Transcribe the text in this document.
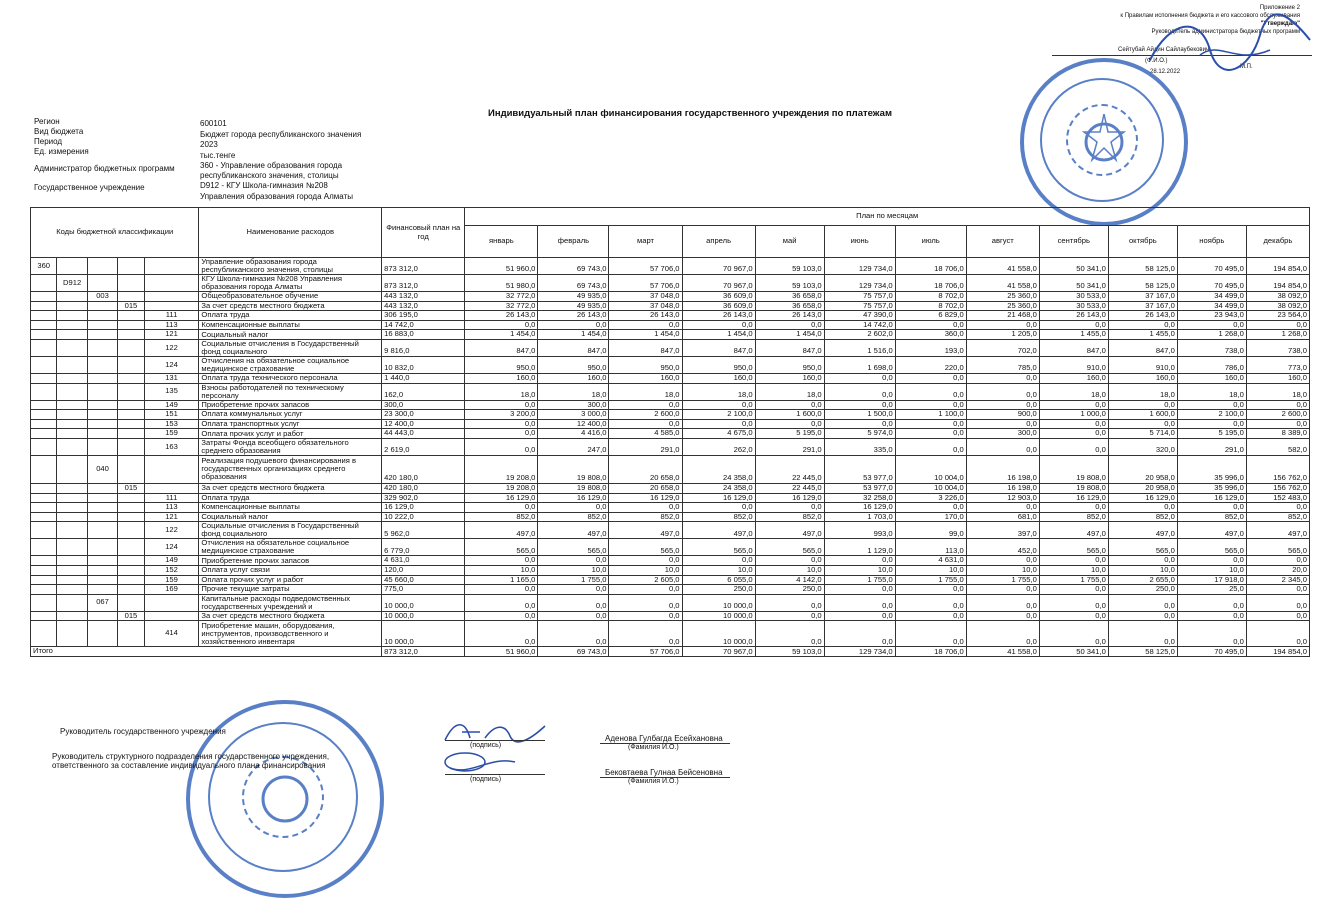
Приложение 2
к Правилам исполнения бюджета и его кассового обслуживания
"Утверждаю"
Руководитель администратора бюджетных программ
Сейтубай Айдин Сайлаубекович
(Ф.И.О.)
М.П.
28.12.2022
Индивидуальный план финансирования государственного учреждения по платежам
Регион	600101
Вид бюджета	Бюджет города республиканского значения
Период	2023
Ед. измерения	тыс.тенге
Администратор бюджетных программ	360 - Управление образования города
республиканского значения, столицы
Государственное учреждение	D912 - КГУ Школа-гимназия №208
Управления образования города Алматы
Коды бюджетной классификации					Наименование расходов	Финансовый план на год	План по месяцам											
							январь	февраль	март	апрель	май	июнь	июль	август	сентябрь	октябрь	ноябрь	декабрь
360					Управление образования города республиканского значения, столицы	873 312,0	51 960,0	69 743,0	57 706,0	70 967,0	59 103,0	129 734,0	18 706,0	41 558,0	50 341,0	58 125,0	70 495,0	194 854,0
	D912				КГУ Школа-гимназия №208 Управления образования города Алматы	873 312,0	51 980,0	69 743,0	57 706,0	70 967,0	59 103,0	129 734,0	18 706,0	41 558,0	50 341,0	58 125,0	70 495,0	194 854,0
		003			Общеобразовательное обучение	443 132,0	32 772,0	49 935,0	37 048,0	36 609,0	36 658,0	75 757,0	8 702,0	25 360,0	30 533,0	37 167,0	34 499,0	38 092,0
			015		За счет средств местного бюджета	443 132,0	32 772,0	49 935,0	37 048,0	36 609,0	36 658,0	75 757,0	8 702,0	25 360,0	30 533,0	37 167,0	34 499,0	38 092,0
				111	Оплата труда	306 195,0	26 143,0	26 143,0	26 143,0	26 143,0	26 143,0	47 390,0	6 829,0	21 468,0	26 143,0	26 143,0	23 943,0	23 564,0
				113	Компенсационные выплаты	14 742,0	0,0	0,0	0,0	0,0	0,0	14 742,0	0,0	0,0	0,0	0,0	0,0	0,0
				121	Социальный налог	16 883,0	1 454,0	1 454,0	1 454,0	1 454,0	1 454,0	2 602,0	360,0	1 205,0	1 455,0	1 455,0	1 268,0	1 268,0
				122	Социальные отчисления в Государственный фонд социального	9 816,0	847,0	847,0	847,0	847,0	847,0	1 516,0	193,0	702,0	847,0	847,0	738,0	738,0
				124	Отчисления на обязательное социальное медицинское страхование	10 832,0	950,0	950,0	950,0	950,0	950,0	1 698,0	220,0	785,0	910,0	910,0	786,0	773,0
				131	Оплата труда технического персонала	1 440,0	160,0	160,0	160,0	160,0	160,0	0,0	0,0	0,0	160,0	160,0	160,0	160,0
				135	Взносы работодателей по техническому персоналу	162,0	18,0	18,0	18,0	18,0	18,0	0,0	0,0	0,0	18,0	18,0	18,0	18,0
				149	Приобретение прочих запасов	300,0	0,0	300,0	0,0	0,0	0,0	0,0	0,0	0,0	0,0	0,0	0,0	0,0
				151	Оплата коммунальных услуг	23 300,0	3 200,0	3 000,0	2 600,0	2 100,0	1 600,0	1 500,0	1 100,0	900,0	1 000,0	1 600,0	2 100,0	2 600,0
				153	Оплата транспортных услуг	12 400,0	0,0	12 400,0	0,0	0,0	0,0	0,0	0,0	0,0	0,0	0,0	0,0	0,0
				159	Оплата прочих услуг и работ	44 443,0	0,0	4 416,0	4 585,0	4 675,0	5 195,0	5 974,0	0,0	300,0	0,0	5 714,0	5 195,0	8 389,0
				163	Затраты Фонда всеобщего обязательного среднего образования	2 619,0	0,0	247,0	291,0	262,0	291,0	335,0	0,0	0,0	0,0	320,0	291,0	582,0
		040			Реализация подушевого финансирования в государственных организациях среднего образования	420 180,0	19 208,0	19 808,0	20 658,0	24 358,0	22 445,0	53 977,0	10 004,0	16 198,0	19 808,0	20 958,0	35 996,0	156 762,0
			015		За счет средств местного бюджета	420 180,0	19 208,0	19 808,0	20 658,0	24 358,0	22 445,0	53 977,0	10 004,0	16 198,0	19 808,0	20 958,0	35 996,0	156 762,0
				111	Оплата труда	329 902,0	16 129,0	16 129,0	16 129,0	16 129,0	16 129,0	32 258,0	3 226,0	12 903,0	16 129,0	16 129,0	16 129,0	152 483,0
				113	Компенсационные выплаты	16 129,0	0,0	0,0	0,0	0,0	0,0	16 129,0	0,0	0,0	0,0	0,0	0,0	0,0
				121	Социальный налог	10 222,0	852,0	852,0	852,0	852,0	852,0	1 703,0	170,0	681,0	852,0	852,0	852,0	852,0
				122	Социальные отчисления в Государственный фонд социального	5 962,0	497,0	497,0	497,0	497,0	497,0	993,0	99,0	397,0	497,0	497,0	497,0	497,0
				124	Отчисления на обязательное социальное медицинское страхование	6 779,0	565,0	565,0	565,0	565,0	565,0	1 129,0	113,0	452,0	565,0	565,0	565,0	565,0
				149	Приобретение прочих запасов	4 631,0	0,0	0,0	0,0	0,0	0,0	0,0	4 631,0	0,0	0,0	0,0	0,0	0,0
				152	Оплата услуг связи	120,0	10,0	10,0	10,0	10,0	10,0	10,0	10,0	10,0	10,0	10,0	10,0	20,0
				159	Оплата прочих услуг и работ	45 660,0	1 165,0	1 755,0	2 605,0	6 055,0	4 142,0	1 755,0	1 755,0	1 755,0	1 755,0	2 655,0	17 918,0	2 345,0
				169	Прочие текущие затраты	775,0	0,0	0,0	0,0	250,0	250,0	0,0	0,0	0,0	0,0	250,0	25,0	0,0
		067			Капитальные расходы подведомственных государственных учреждений и	10 000,0	0,0	0,0	0,0	10 000,0	0,0	0,0	0,0	0,0	0,0	0,0	0,0	0,0
			015		За счет средств местного бюджета	10 000,0	0,0	0,0	0,0	10 000,0	0,0	0,0	0,0	0,0	0,0	0,0	0,0	0,0
				414	Приобретение машин, оборудования, инструментов, производственного и хозяйственного инвентаря	10 000,0	0,0	0,0	0,0	10 000,0	0,0	0,0	0,0	0,0	0,0	0,0	0,0	0,0
Итого						873 312,0	51 960,0	69 743,0	57 706,0	70 967,0	59 103,0	129 734,0	18 706,0	41 558,0	50 341,0	58 125,0	70 495,0	194 854,0
Руководитель государственного учреждения
Руководитель структурного подразделения государственного учреждения,
ответственного за составление индивидуального плана финансирования
(подпись)
Аденова Гулбагда Есейхановна
(Фамилия И.О.)
(подпись)
Бековтаева Гулнаа Бейсеновна
(Фамилия И.О.)
